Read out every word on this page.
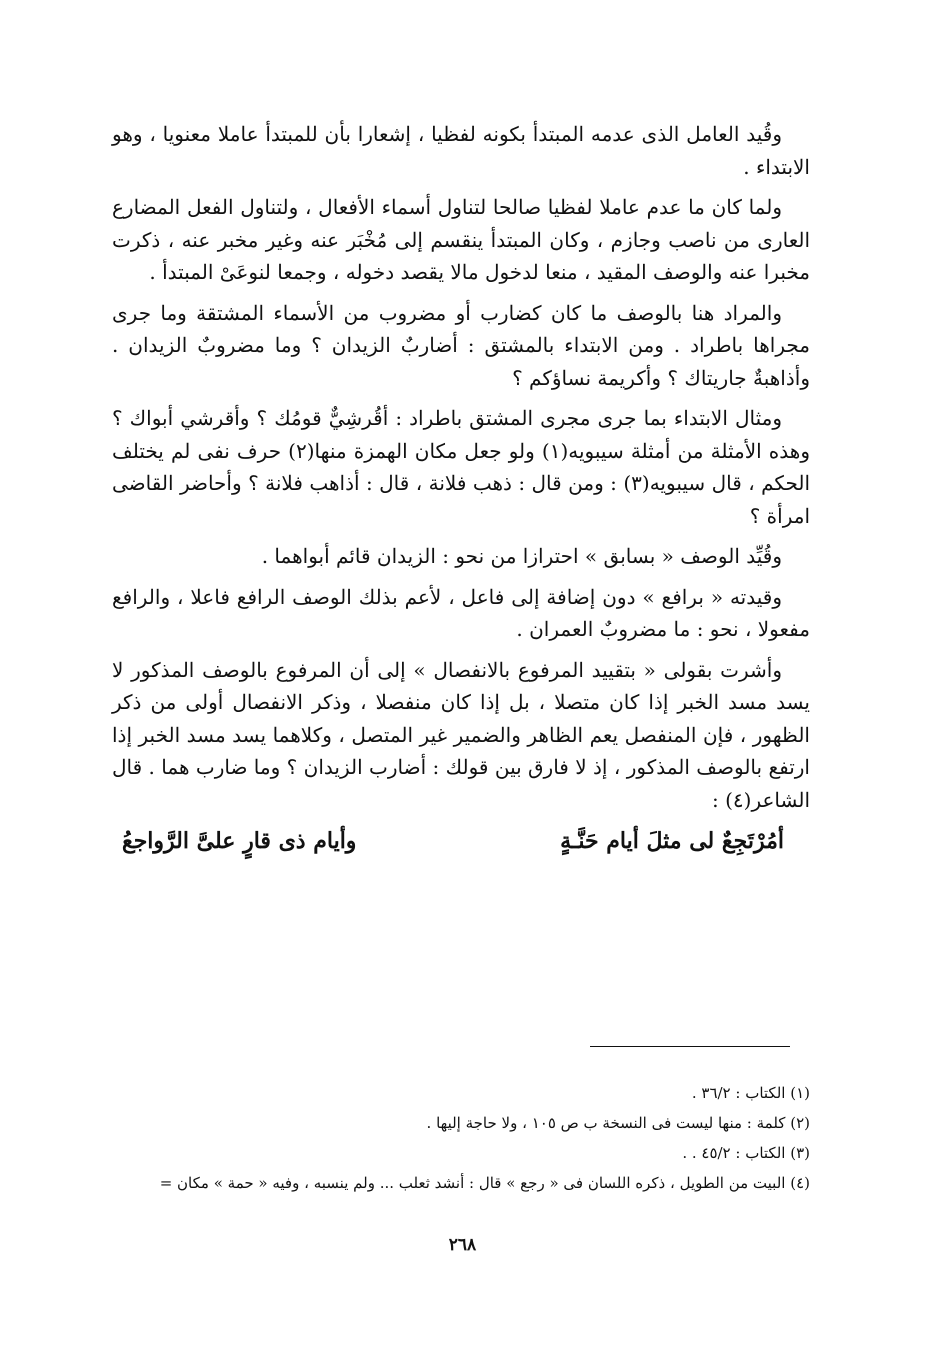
وقُيد العامل الذى عدمه المبتدأ بكونه لفظيا ، إشعارا بأن للمبتدأ عاملا معنويا ، وهو الابتداء .

ولما كان ما عدم عاملا لفظيا صالحا لتناول أسماء الأفعال ، ولتناول الفعل المضارع العارى من ناصب وجازم ، وكان المبتدأ ينقسم إلى مُخْبَر عنه وغير مخبر عنه ، ذكرت مخبرا عنه والوصف المقيد ، منعا لدخول مالا يقصد دخوله ، وجمعا لنوعَىْ المبتدأ .

والمراد هنا بالوصف ما كان كضارب أو مضروب من الأسماء المشتقة وما جرى مجراها باطراد . ومن الابتداء بالمشتق : أضاربٌ الزيدان ؟ وما مضروبٌ الزيدان . وأذاهبةٌ جاريتاك ؟ وأكريمة نساؤكم ؟

ومثال الابتداء بما جرى مجرى المشتق باطراد : أقُرشِيٌّ قومُك ؟ وأقرشي أبواك ؟ وهذه الأمثلة من أمثلة سيبويه(١) ولو جعل مكان الهمزة منها(٢) حرف نفى لم يختلف الحكم ، قال سيبويه(٣) : ومن قال : ذهب فلانة ، قال : أذاهب فلانة ؟ وأحاضر القاضى امرأة ؟

وقُيِّد الوصف « بسابق » احترازا من نحو : الزيدان قائم أبواهما .

وقيدته « برافع » دون إضافة إلى فاعل ، لأعم بذلك الوصف الرافع فاعلا ، والرافع مفعولا ، نحو : ما مضروبٌ العمران .

وأشرت بقولى « بتقييد المرفوع بالانفصال » إلى أن المرفوع بالوصف المذكور لا يسد مسد الخبر إذا كان متصلا ، بل إذا كان منفصلا ، وذكر الانفصال أولى من ذكر الظهور ، فإن المنفصل يعم الظاهر والضمير غير المتصل ، وكلاهما يسد مسد الخبر إذا ارتفع بالوصف المذكور ، إذ لا فارق بين قولك : أضارب الزيدان ؟ وما ضارب هما . قال الشاعر(٤) :

أمُرْتَجِعٌ لى مثلَ أيام حَنَّـةٍ
وأيام ذى قارٍ علىَّ الرَّواجعُ

(١) الكتاب : ٣٦/٢ .

(٢) كلمة : منها ليست فى النسخة ب ص ١٠٥ ، ولا حاجة إليها .

(٣) الكتاب : ٤٥/٢ . .

(٤) البيت من الطويل ، ذكره اللسان فى « رجع » قال : أنشد ثعلب ... ولم ينسبه ، وفيه « حمة » مكان =

٢٦٨
